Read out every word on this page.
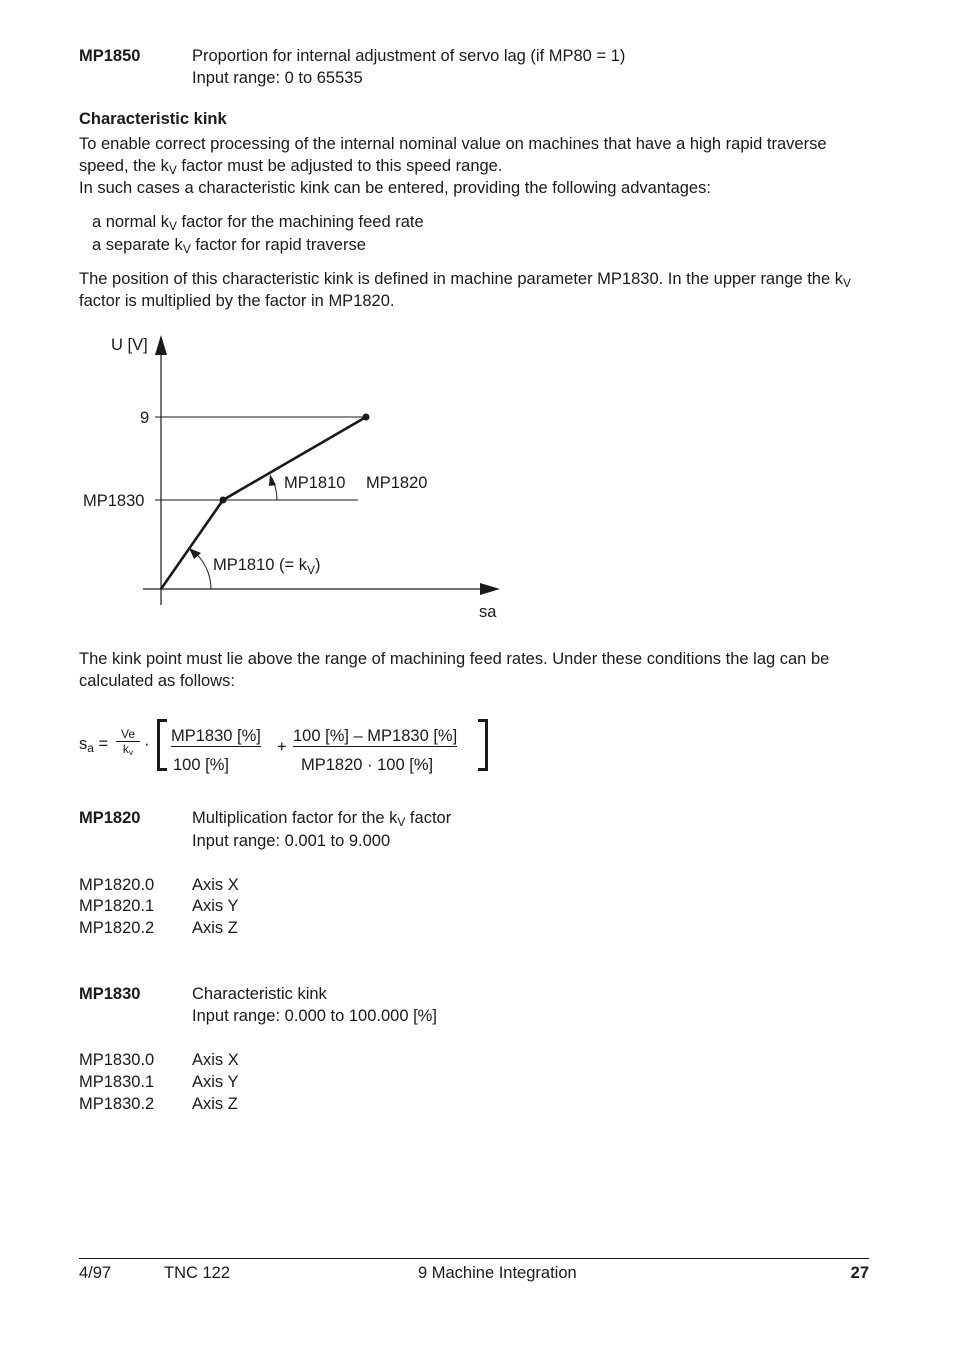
MP1850	Proportion for internal adjustment of servo lag (if MP80 = 1)
Input range: 0 to 65535
Characteristic kink
To enable correct processing of the internal nominal value on machines that have a high rapid traverse speed, the $k_V$ factor must be adjusted to this speed range.
In such cases a characteristic kink can be entered, providing the following advantages:
a normal $k_V$ factor for the machining feed rate
a separate $k_V$ factor for rapid traverse
The position of this characteristic kink is defined in machine parameter MP1830. In the upper range the $k_V$ factor is multiplied by the factor in MP1820.
U [V]
9
MP1830
MP1810 MP1820
MP1810 (= $k_V$)
sa
The kink point must lie above the range of machining feed rates. Under these conditions the lag can be calculated as follows:
$s_a = \frac{Ve}{k_v} \cdot MP1830$ [%]
100 [%]
+
100 [%] – MP1830 [%]
MP1820 · 100 [%]
MP1820	Multiplication factor for the $k_V$ factor
Input range: 0.001 to 9.000
MP1820.0 Axis X
MP1820.1 Axis Y
MP1820.2 Axis Z
MP1830	Characteristic kink
Input range: 0.000 to 100.000 [%]
MP1830.0 Axis X
MP1830.1 Axis Y
MP1830.2 Axis Z
4/97	TNC 122	9 Machine Integration	27
